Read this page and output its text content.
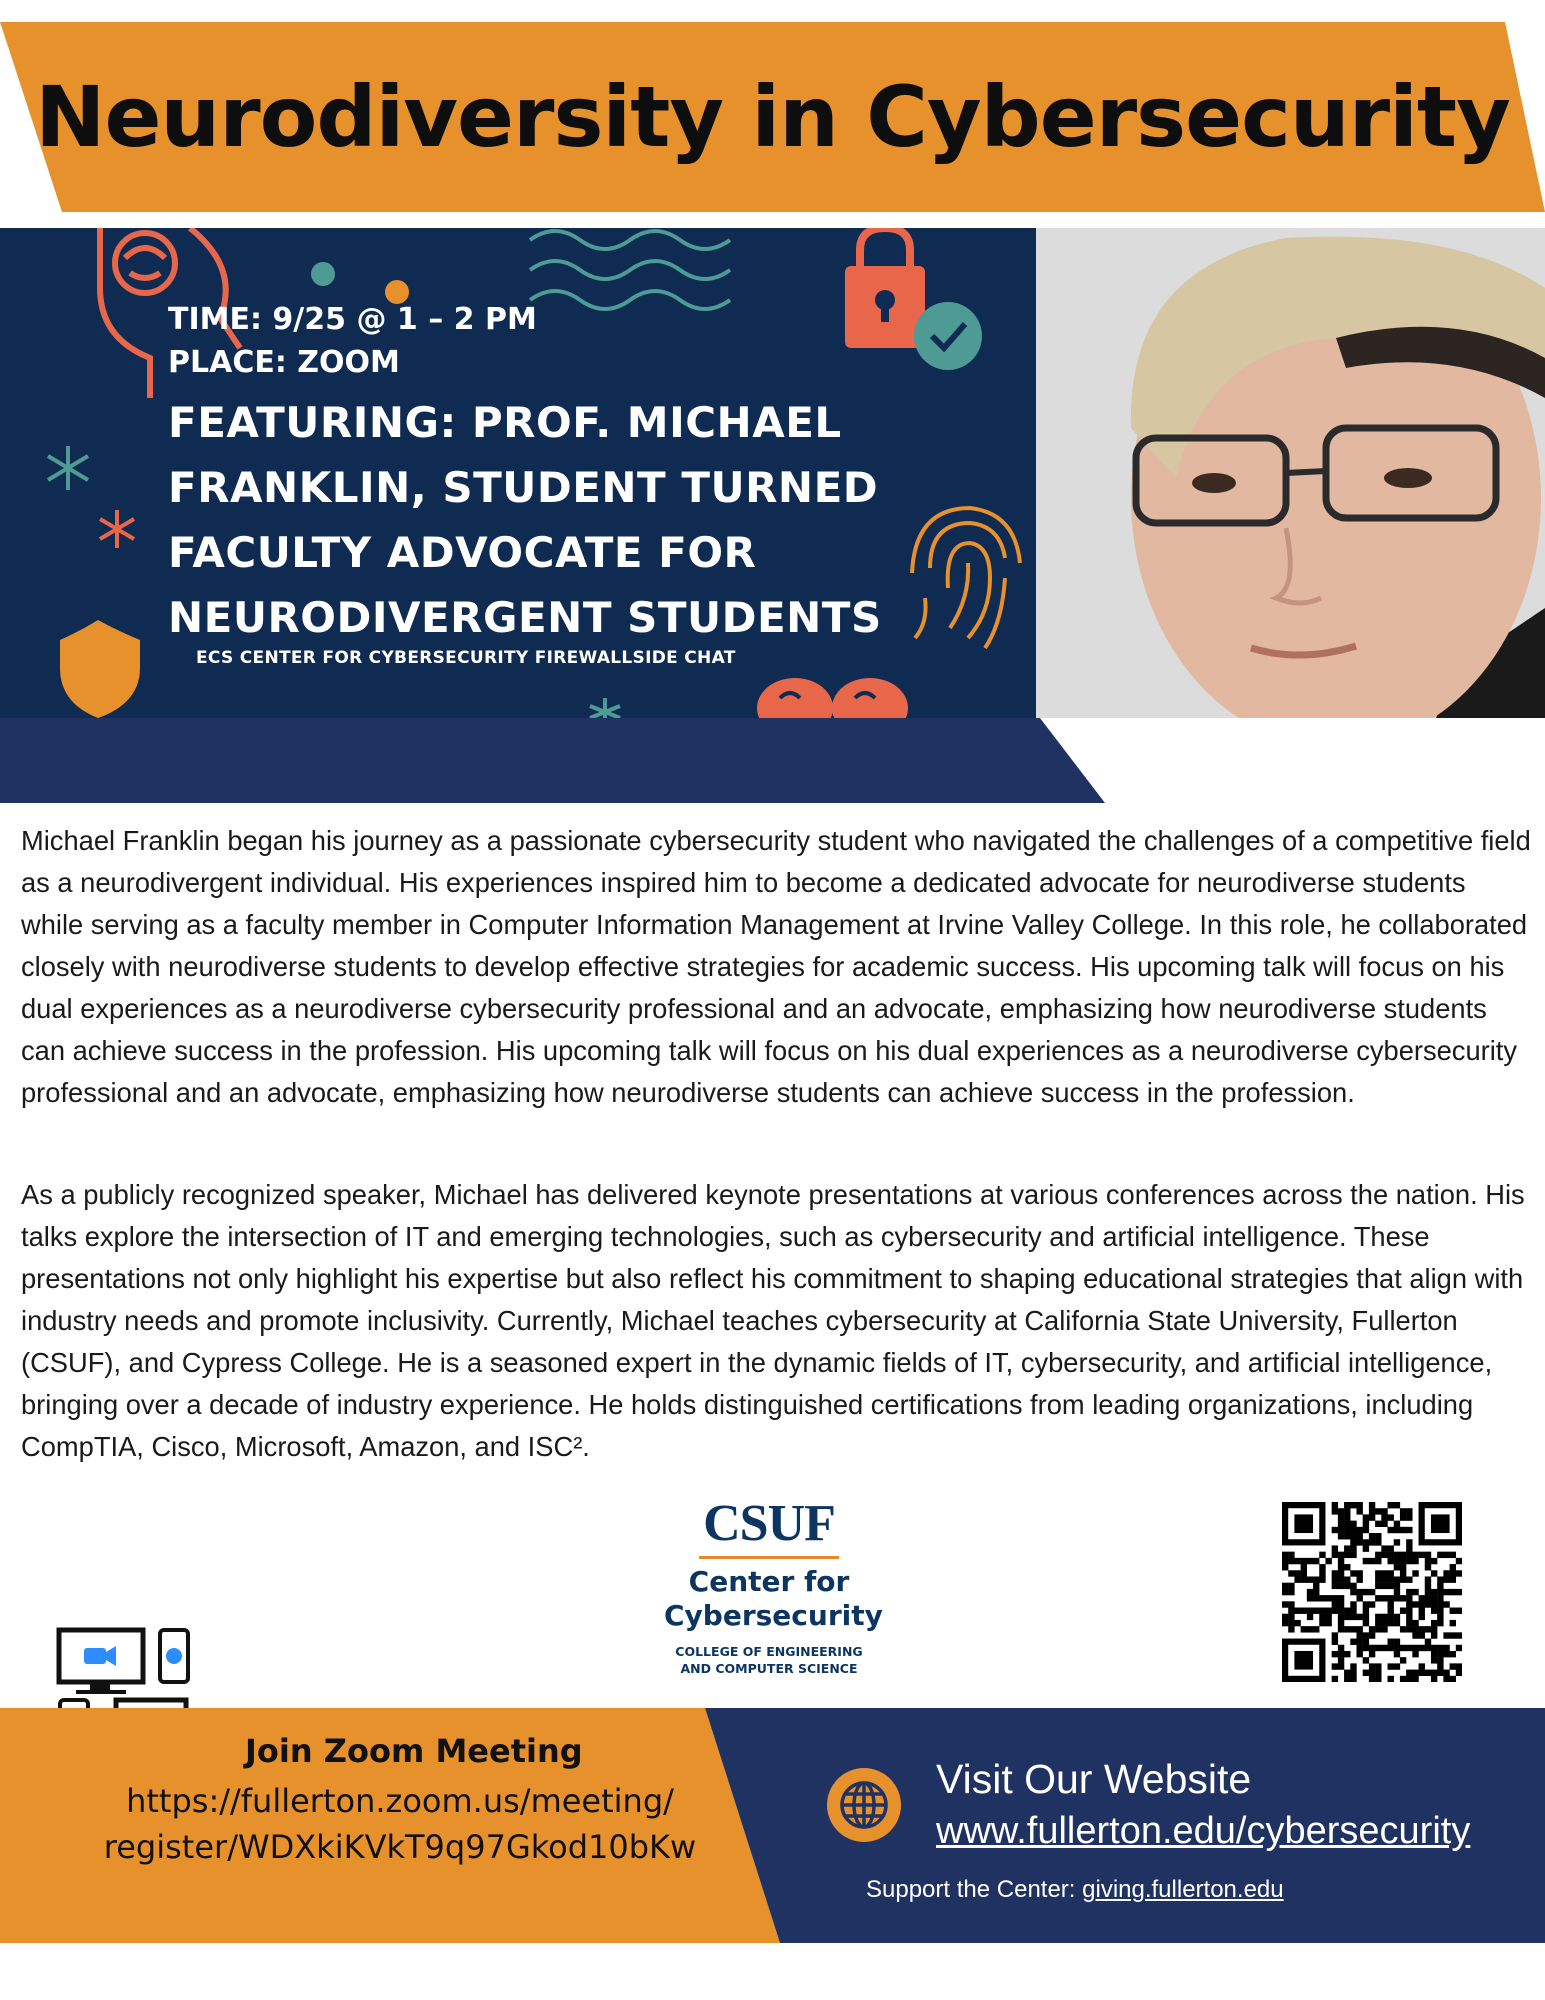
Neurodiversity in Cybersecurity
TIME: 9/25 @ 1 – 2 PM
PLACE: ZOOM
FEATURING: PROF. MICHAEL FRANKLIN, STUDENT TURNED FACULTY ADVOCATE FOR NEURODIVERGENT STUDENTS
ECS CENTER FOR CYBERSECURITY FIREWALLSIDE CHAT

Michael Franklin began his journey as a passionate cybersecurity student who navigated the challenges of a competitive field as a neurodivergent individual. His experiences inspired him to become a dedicated advocate for neurodiverse students while serving as a faculty member in Computer Information Management at Irvine Valley College. In this role, he collaborated closely with neurodiverse students to develop effective strategies for academic success. His upcoming talk will focus on his dual experiences as a neurodiverse cybersecurity professional and an advocate, emphasizing how neurodiverse students can achieve success in the profession. His upcoming talk will focus on his dual experiences as a neurodiverse cybersecurity professional and an advocate, emphasizing how neurodiverse students can achieve success in the profession.

As a publicly recognized speaker, Michael has delivered keynote presentations at various conferences across the nation. His talks explore the intersection of IT and emerging technologies, such as cybersecurity and artificial intelligence. These presentations not only highlight his expertise but also reflect his commitment to shaping educational strategies that align with industry needs and promote inclusivity. Currently, Michael teaches cybersecurity at California State University, Fullerton (CSUF), and Cypress College. He is a seasoned expert in the dynamic fields of IT, cybersecurity, and artificial intelligence, bringing over a decade of industry experience. He holds distinguished certifications from leading organizations, including CompTIA, Cisco, Microsoft, Amazon, and ISC².

CSUF
Center for
Cybersecurity
COLLEGE OF ENGINEERING
AND COMPUTER SCIENCE
Join Zoom Meeting
https://fullerton.zoom.us/meeting/
register/WDXkiKVkT9q97Gkod10bKw
Visit Our Website
www.fullerton.edu/cybersecurity
Support the Center: giving.fullerton.edu
